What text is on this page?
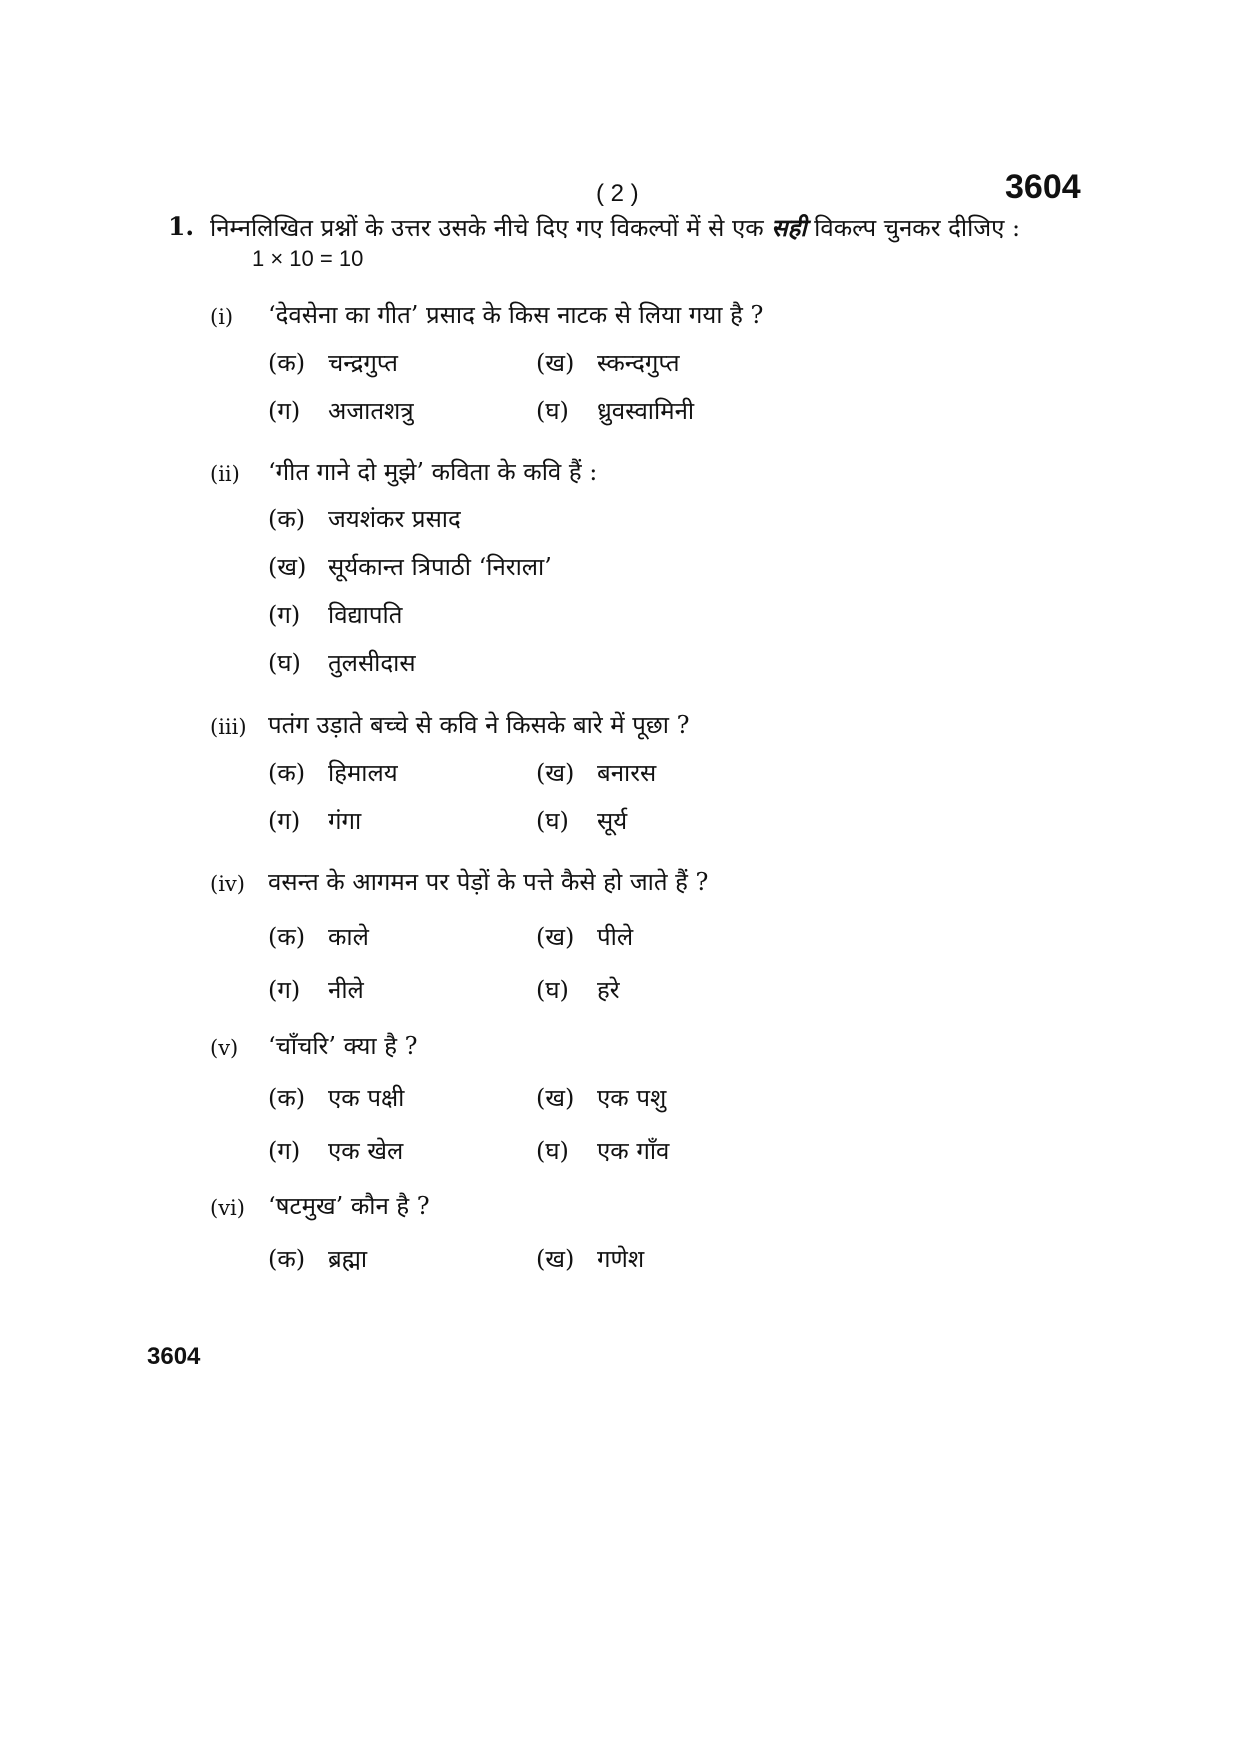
( 2 )	3604
1. निम्नलिखित प्रश्नों के उत्तर उसके नीचे दिए गए विकल्पों में से एक सही विकल्प चुनकर दीजिए :
1 × 10 = 10
(i) ‘देवसेना का गीत’ प्रसाद के किस नाटक से लिया गया है ?
(क) चन्द्रगुप्त	(ख) स्कन्दगुप्त
(ग) अजातशत्रु	(घ) ध्रुवस्वामिनी
(ii) ‘गीत गाने दो मुझे’ कविता के कवि हैं :
(क) जयशंकर प्रसाद
(ख) सूर्यकान्त त्रिपाठी ‘निराला’
(ग) विद्यापति
(घ) तुलसीदास
(iii) पतंग उड़ाते बच्चे से कवि ने किसके बारे में पूछा ?
(क) हिमालय	(ख) बनारस
(ग) गंगा	(घ) सूर्य
(iv) वसन्त के आगमन पर पेड़ों के पत्ते कैसे हो जाते हैं ?
(क) काले	(ख) पीले
(ग) नीले	(घ) हरे
(v) ‘चाँचरि’ क्या है ?
(क) एक पक्षी	(ख) एक पशु
(ग) एक खेल	(घ) एक गाँव
(vi) ‘षटमुख’ कौन है ?
(क) ब्रह्मा	(ख) गणेश
3604
